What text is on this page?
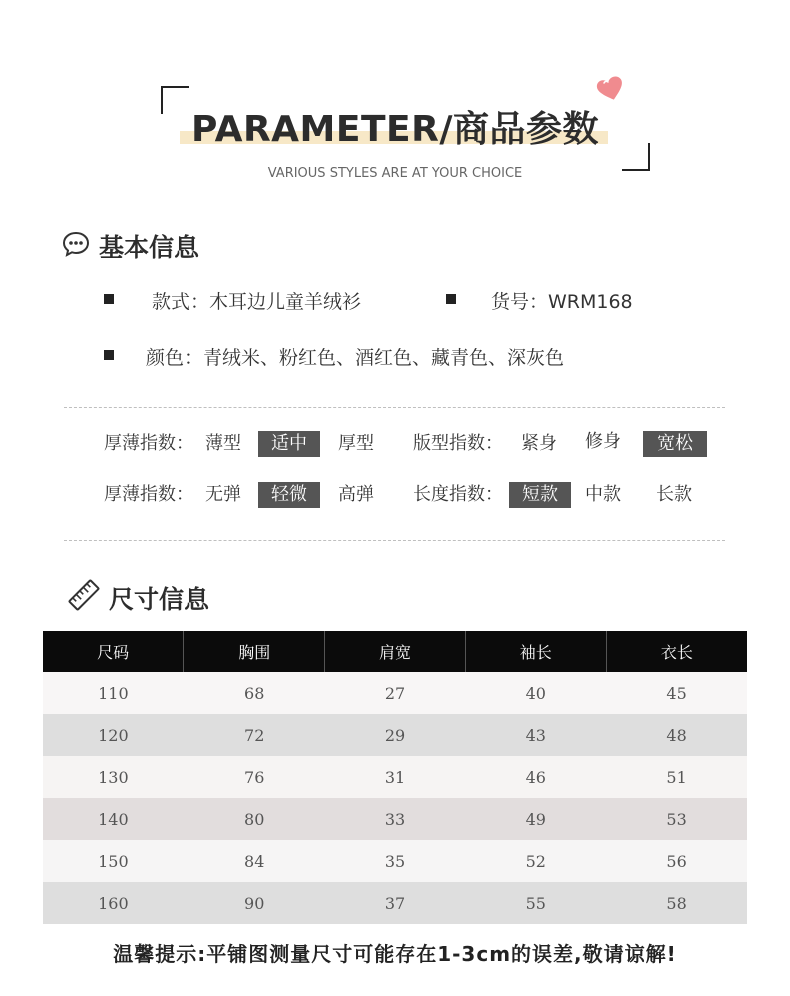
PARAMETER/商品参数
VARIOUS STYLES ARE AT YOUR CHOICE
基本信息
款式：木耳边儿童羊绒衫	货号：WRM168
颜色：青绒米、粉红色、酒红色、藏青色、深灰色
厚薄指数： 薄型	适中	厚型 版型指数： 紧身 修身	宽松
厚薄指数： 无弹	轻微	高弹 长度指数：	短款	中款 长款
尺寸信息
尺码	胸围	肩宽	袖长	衣长
110	68	27	40	45
120	72	29	43	48
130	76	31	46	51
140	80	33	49	53
150	84	35	52	56
160	90	37	55	58
温馨提示:平铺图测量尺寸可能存在1-3cm的误差,敬请谅解!
